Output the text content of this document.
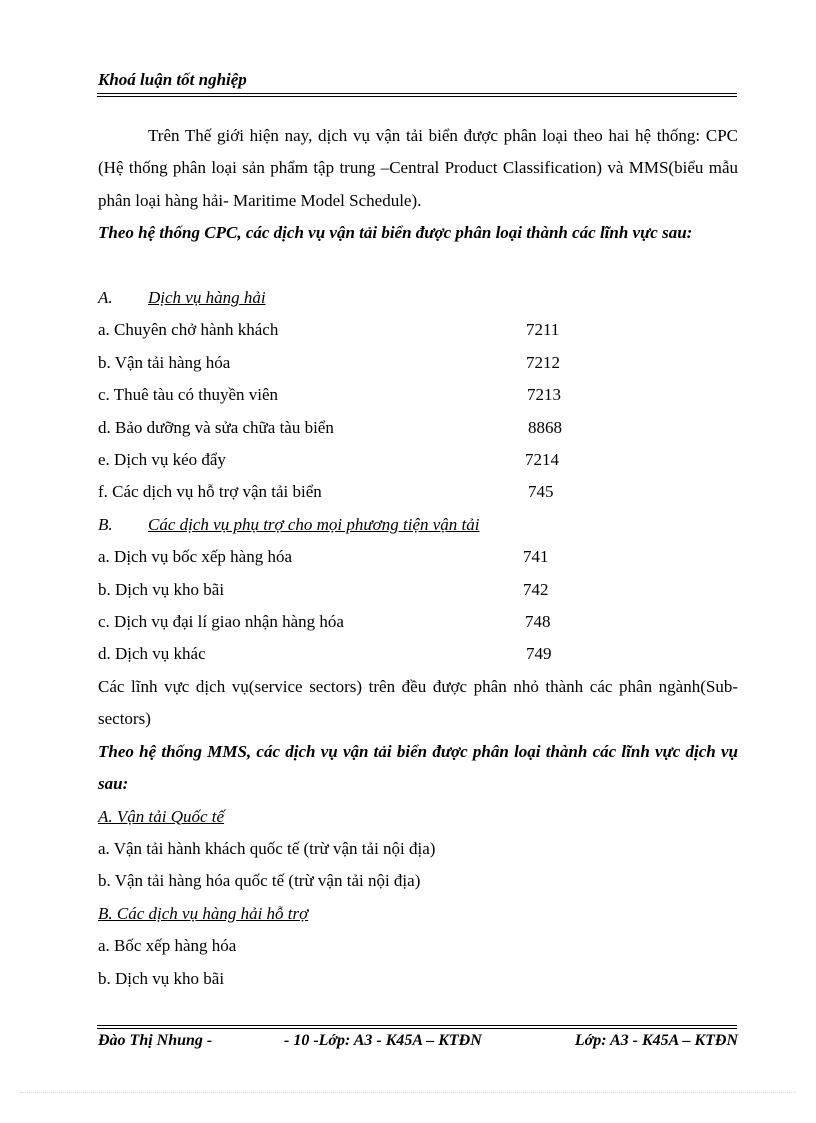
Khoá luận tốt nghiệp
Trên Thế giới hiện nay, dịch vụ vận tải biển được phân loại theo hai hệ thống: CPC (Hệ thống phân loại sản phẩm tập trung –Central Product Classification) và MMS(biểu mẫu phân loại hàng hải- Maritime Model Schedule).
Theo hệ thống CPC, các dịch vụ vận tải biển được phân loại thành các lĩnh vực sau:
A. Dịch vụ hàng hải
a. Chuyên chở hành khách	7211
b. Vận tải hàng hóa	7212
c. Thuê tàu có thuyền viên	7213
d. Bảo dưỡng và sửa chữa tàu biển	8868
e. Dịch vụ kéo đẩy	7214
f. Các dịch vụ hỗ trợ vận tải biển	745
B. Các dịch vụ phụ trợ cho mọi phương tiện vận tải
a. Dịch vụ bốc xếp hàng hóa	741
b. Dịch vụ kho bãi	742
c. Dịch vụ đại lí giao nhận hàng hóa	748
d. Dịch vụ khác	749
Các lĩnh vực dịch vụ(service sectors) trên đều được phân nhỏ thành các phân ngành(Sub-sectors)
Theo hệ thống MMS, các dịch vụ vận tải biển được phân loại thành các lĩnh vực dịch vụ sau:
A. Vận tải Quốc tế
a. Vận tải hành khách quốc tế (trừ vận tải nội địa)
b. Vận tải hàng hóa quốc tế (trừ vận tải nội địa)
B. Các dịch vụ hàng hải hỗ trợ
a. Bốc xếp hàng hóa
b. Dịch vụ kho bãi
Đào Thị Nhung -	- 10 -Lớp: A3 - K45A – KTĐN	Lớp: A3 - K45A – KTĐN
